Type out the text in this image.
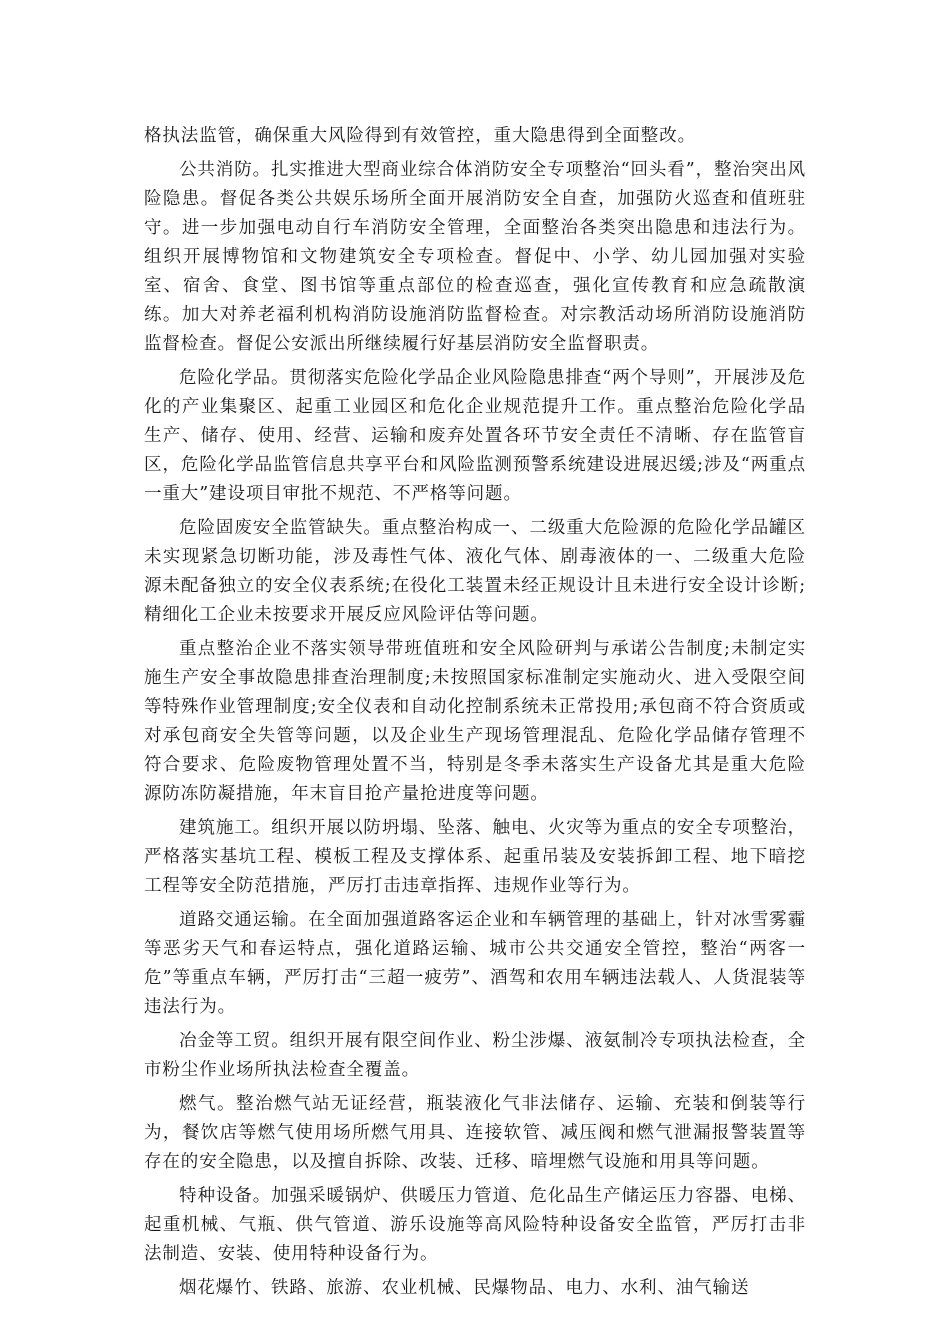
格执法监管，确保重大风险得到有效管控，重大隐患得到全面整改。

公共消防。扎实推进大型商业综合体消防安全专项整治“回头看”，整治突出风险隐患。督促各类公共娱乐场所全面开展消防安全自查，加强防火巡查和值班驻守。进一步加强电动自行车消防安全管理，全面整治各类突出隐患和违法行为。组织开展博物馆和文物建筑安全专项检查。督促中、小学、幼儿园加强对实验室、宿舍、食堂、图书馆等重点部位的检查巡查，强化宣传教育和应急疏散演练。加大对养老福利机构消防设施消防监督检查。对宗教活动场所消防设施消防监督检查。督促公安派出所继续履行好基层消防安全监督职责。

危险化学品。贯彻落实危险化学品企业风险隐患排查“两个导则”，开展涉及危化的产业集聚区、起重工业园区和危化企业规范提升工作。重点整治危险化学品生产、储存、使用、经营、运输和废弃处置各环节安全责任不清晰、存在监管盲区，危险化学品监管信息共享平台和风险监测预警系统建设进展迟缓;涉及“两重点一重大”建设项目审批不规范、不严格等问题。

危险固废安全监管缺失。重点整治构成一、二级重大危险源的危险化学品罐区未实现紧急切断功能，涉及毒性气体、液化气体、剧毒液体的一、二级重大危险源未配备独立的安全仪表系统;在役化工装置未经正规设计且未进行安全设计诊断;精细化工企业未按要求开展反应风险评估等问题。

重点整治企业不落实领导带班值班和安全风险研判与承诺公告制度;未制定实施生产安全事故隐患排查治理制度;未按照国家标准制定实施动火、进入受限空间等特殊作业管理制度;安全仪表和自动化控制系统未正常投用;承包商不符合资质或对承包商安全失管等问题，以及企业生产现场管理混乱、危险化学品储存管理不符合要求、危险废物管理处置不当，特别是冬季未落实生产设备尤其是重大危险源防冻防凝措施，年末盲目抢产量抢进度等问题。

建筑施工。组织开展以防坍塌、坠落、触电、火灾等为重点的安全专项整治，严格落实基坑工程、模板工程及支撑体系、起重吊装及安装拆卸工程、地下暗挖工程等安全防范措施，严厉打击违章指挥、违规作业等行为。

道路交通运输。在全面加强道路客运企业和车辆管理的基础上，针对冰雪雾霾等恶劣天气和春运特点，强化道路运输、城市公共交通安全管控，整治“两客一危”等重点车辆，严厉打击“三超一疲劳”、酒驾和农用车辆违法载人、人货混装等违法行为。

冶金等工贸。组织开展有限空间作业、粉尘涉爆、液氨制冷专项执法检查，全市粉尘作业场所执法检查全覆盖。

燃气。整治燃气站无证经营，瓶装液化气非法储存、运输、充装和倒装等行为，餐饮店等燃气使用场所燃气用具、连接软管、减压阀和燃气泄漏报警装置等存在的安全隐患，以及擅自拆除、改装、迁移、暗埋燃气设施和用具等问题。

特种设备。加强采暖锅炉、供暖压力管道、危化品生产储运压力容器、电梯、起重机械、气瓶、供气管道、游乐设施等高风险特种设备安全监管，严厉打击非法制造、安装、使用特种设备行为。

烟花爆竹、铁路、旅游、农业机械、民爆物品、电力、水利、油气输送
